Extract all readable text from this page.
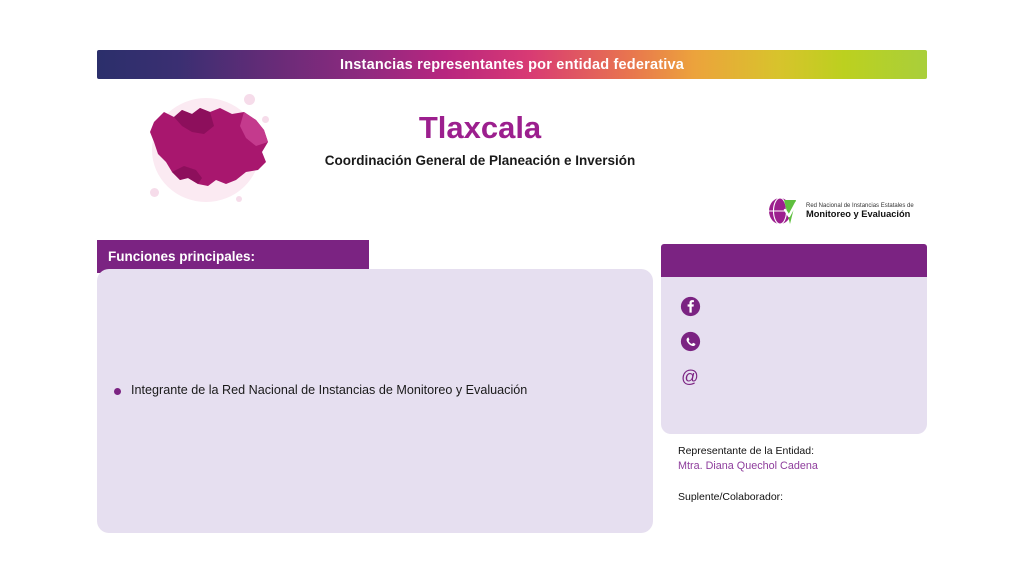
Instancias representantes por entidad federativa
Tlaxcala
Coordinación General de Planeación e Inversión
Red Nacional de Instancias Estatales de
Monitoreo y Evaluación
Funciones principales:
Integrante de la Red Nacional de Instancias de Monitoreo y Evaluación
@
Representante de la Entidad:
Mtra. Diana Quechol Cadena
Suplente/Colaborador:
